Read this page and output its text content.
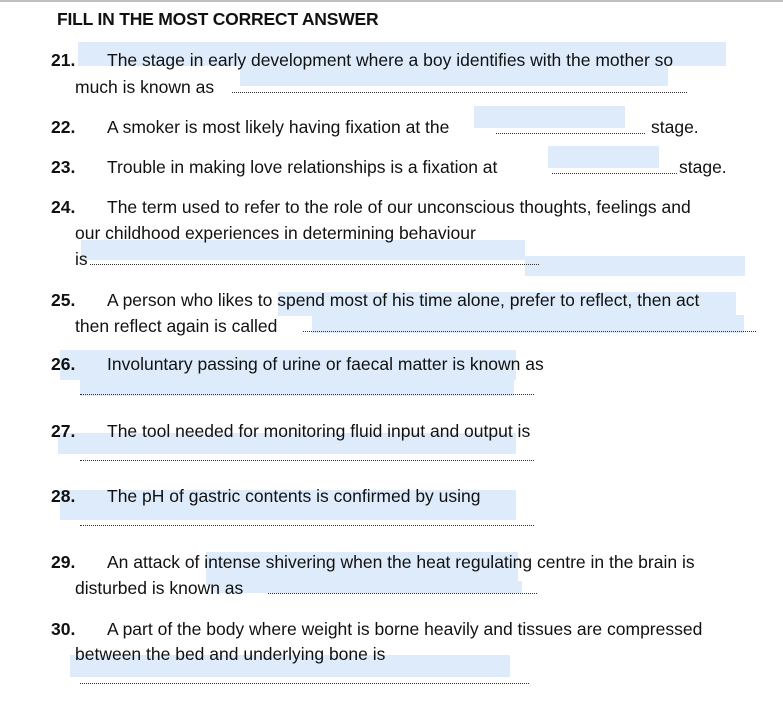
FILL IN THE MOST CORRECT ANSWER
21. The stage in early development where a boy identifies with the mother so
much is known as
22. A smoker is most likely having fixation at the	stage.
23. Trouble in making love relationships is a fixation at	stage.
24. The term used to refer to the role of our unconscious thoughts, feelings and
our childhood experiences in determining behaviour
is
25. A person who likes to spend most of his time alone, prefer to reflect, then act
then reflect again is called
26. Involuntary passing of urine or faecal matter is known as
27. The tool needed for monitoring fluid input and output is
28. The pH of gastric contents is confirmed by using
29. An attack of intense shivering when the heat regulating centre in the brain is
disturbed is known as
30. A part of the body where weight is borne heavily and tissues are compressed
between the bed and underlying bone is
